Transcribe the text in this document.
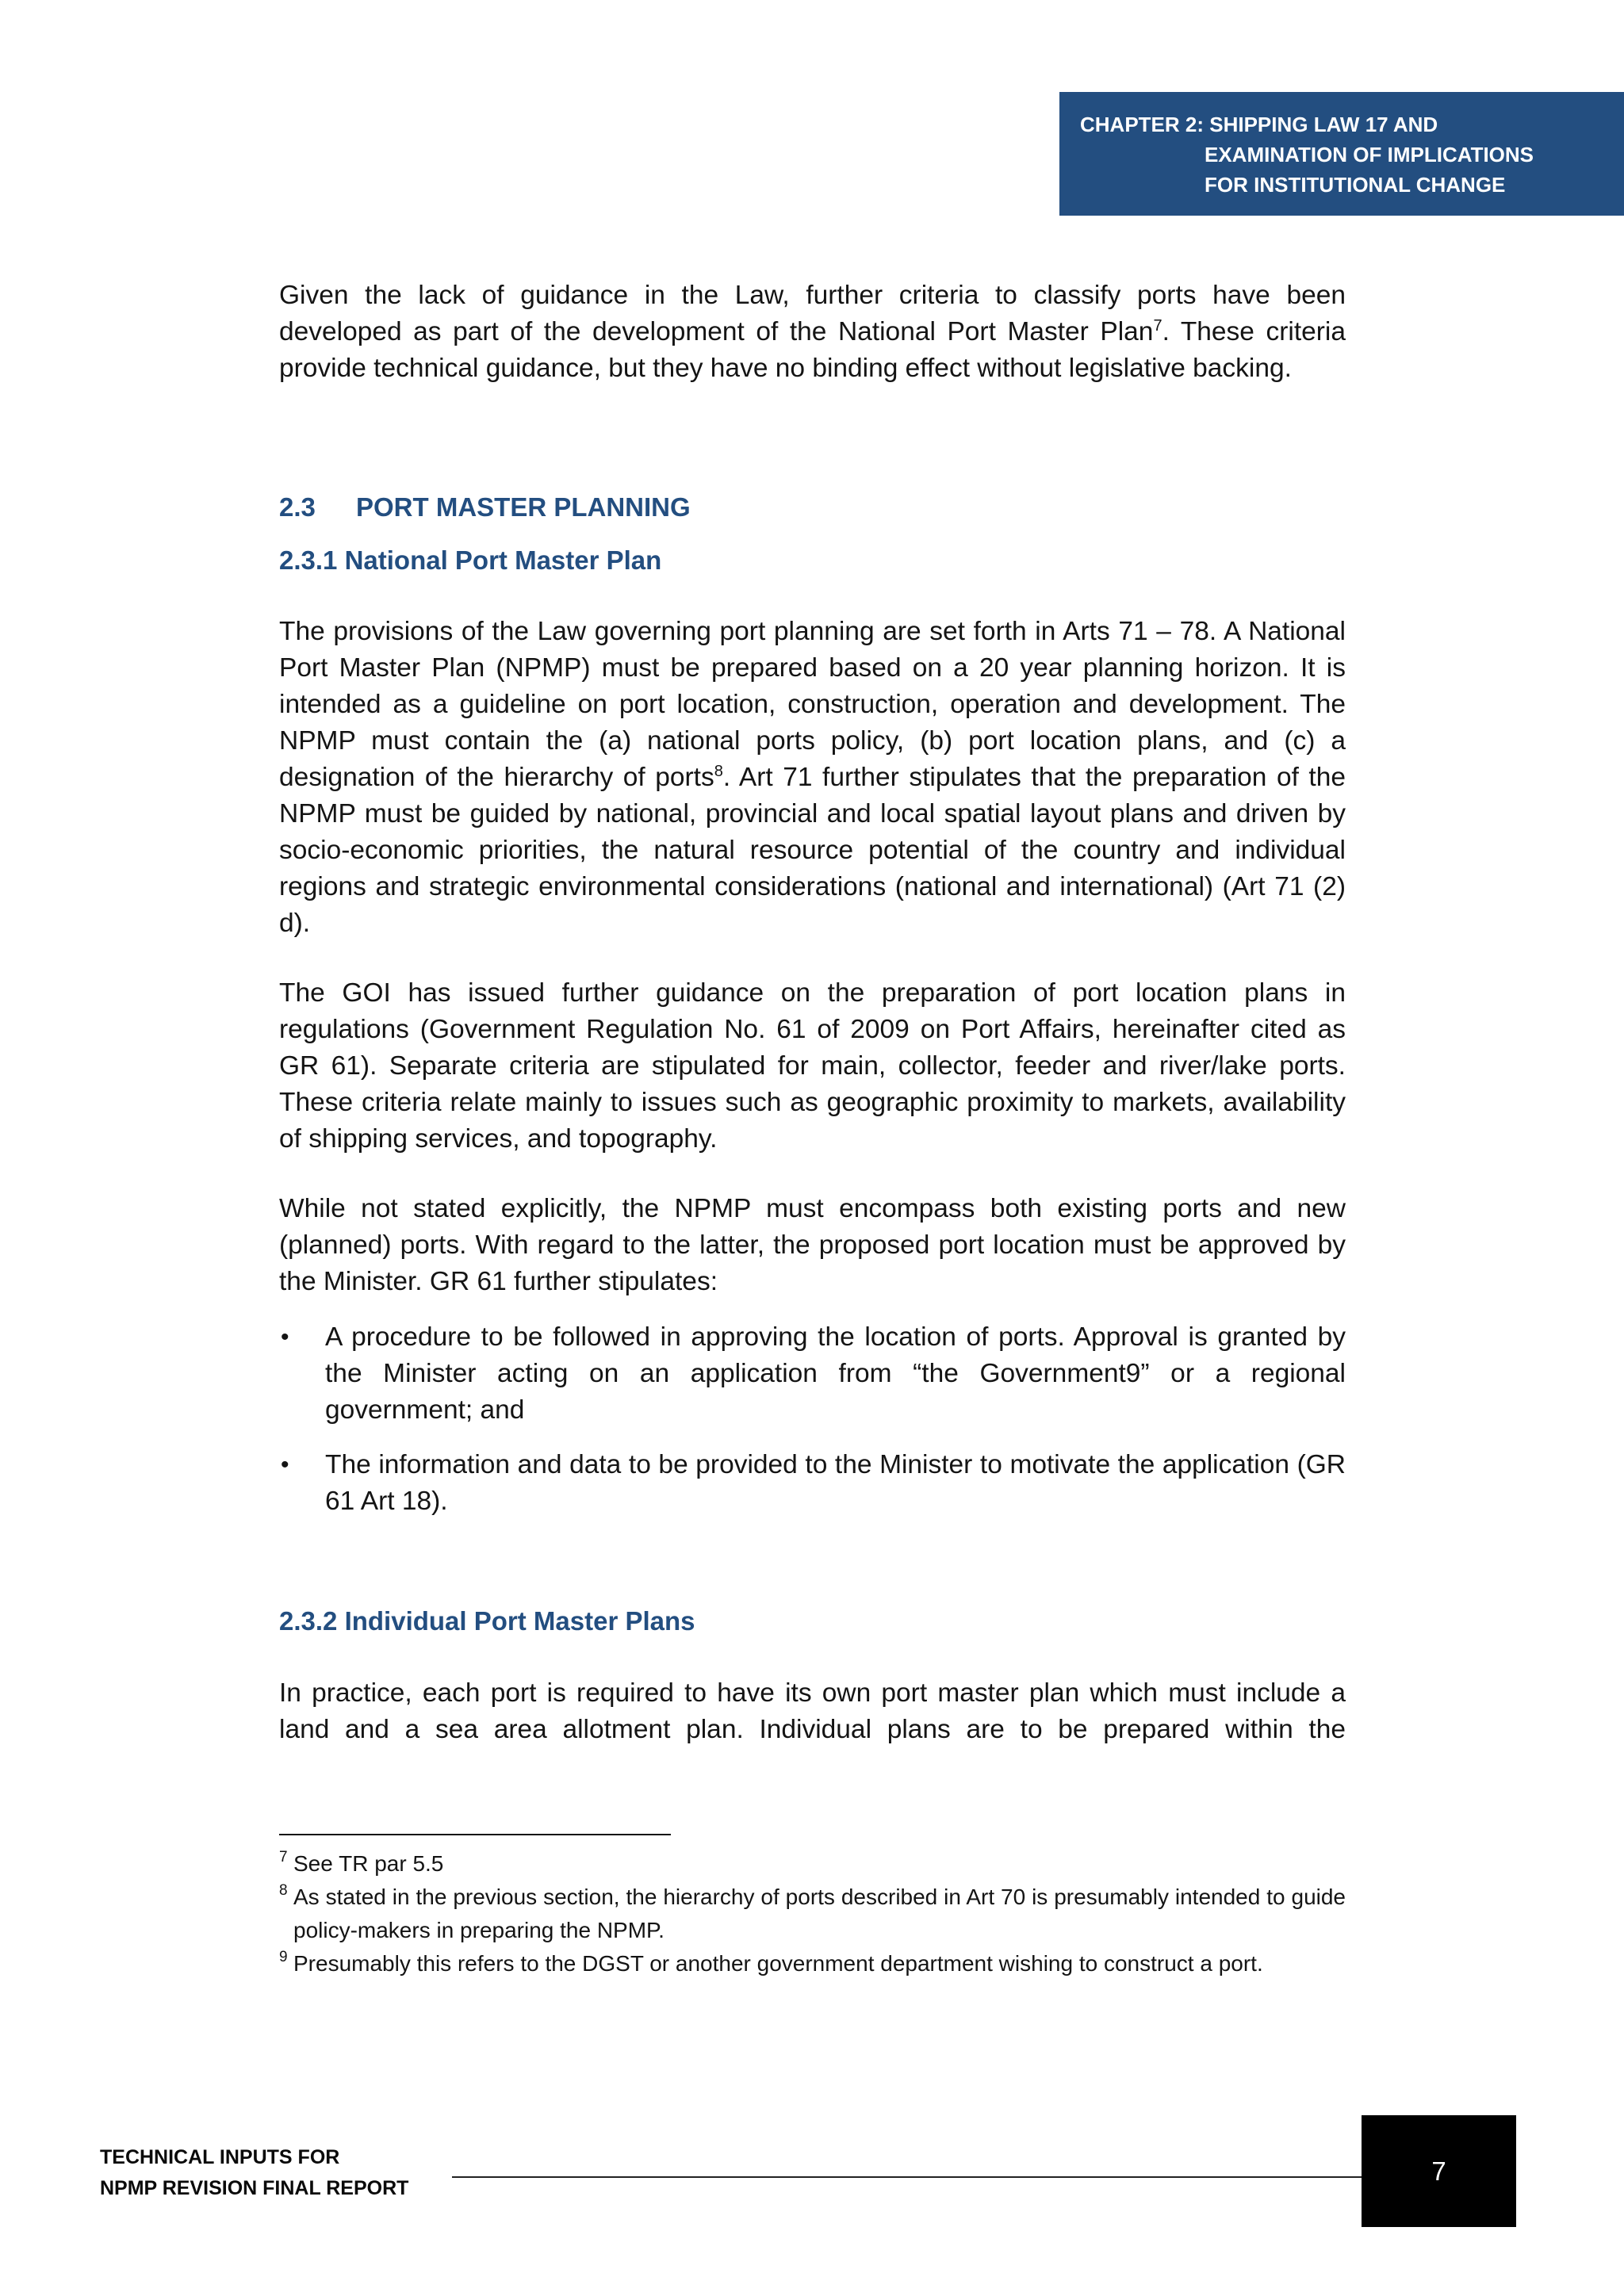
CHAPTER 2: SHIPPING LAW 17 AND
EXAMINATION OF IMPLICATIONS
FOR INSTITUTIONAL CHANGE

Given the lack of guidance in the Law, further criteria to classify ports have been developed as part of the development of the National Port Master Plan$^7$. These criteria provide technical guidance, but they have no binding effect without legislative backing.

2.3 PORT MASTER PLANNING
2.3.1 National Port Master Plan

The provisions of the Law governing port planning are set forth in Arts 71 – 78. A National Port Master Plan (NPMP) must be prepared based on a 20 year planning horizon. It is intended as a guideline on port location, construction, operation and development. The NPMP must contain the (a) national ports policy, (b) port location plans, and (c) a designation of the hierarchy of ports$^8$. Art 71 further stipulates that the preparation of the NPMP must be guided by national, provincial and local spatial layout plans and driven by socio-economic priorities, the natural resource potential of the country and individual regions and strategic environmental considerations (national and international) (Art 71 (2) d).

The GOI has issued further guidance on the preparation of port location plans in regulations (Government Regulation No. 61 of 2009 on Port Affairs, hereinafter cited as GR 61). Separate criteria are stipulated for main, collector, feeder and river/lake ports. These criteria relate mainly to issues such as geographic proximity to markets, availability of shipping services, and topography.

While not stated explicitly, the NPMP must encompass both existing ports and new (planned) ports. With regard to the latter, the proposed port location must be approved by the Minister. GR 61 further stipulates:

• A procedure to be followed in approving the location of ports. Approval is granted by the Minister acting on an application from “the Government9” or a regional government; and

• The information and data to be provided to the Minister to motivate the application (GR 61 Art 18).

2.3.2 Individual Port Master Plans

In practice, each port is required to have its own port master plan which must include a land and a sea area allotment plan. Individual plans are to be prepared within the

7 See TR par 5.5

8 As stated in the previous section, the hierarchy of ports described in Art 70 is presumably intended to guide policy-makers in preparing the NPMP.

9 Presumably this refers to the DGST or another government department wishing to construct a port.

TECHNICAL INPUTS FOR
NPMP REVISION FINAL REPORT
7
